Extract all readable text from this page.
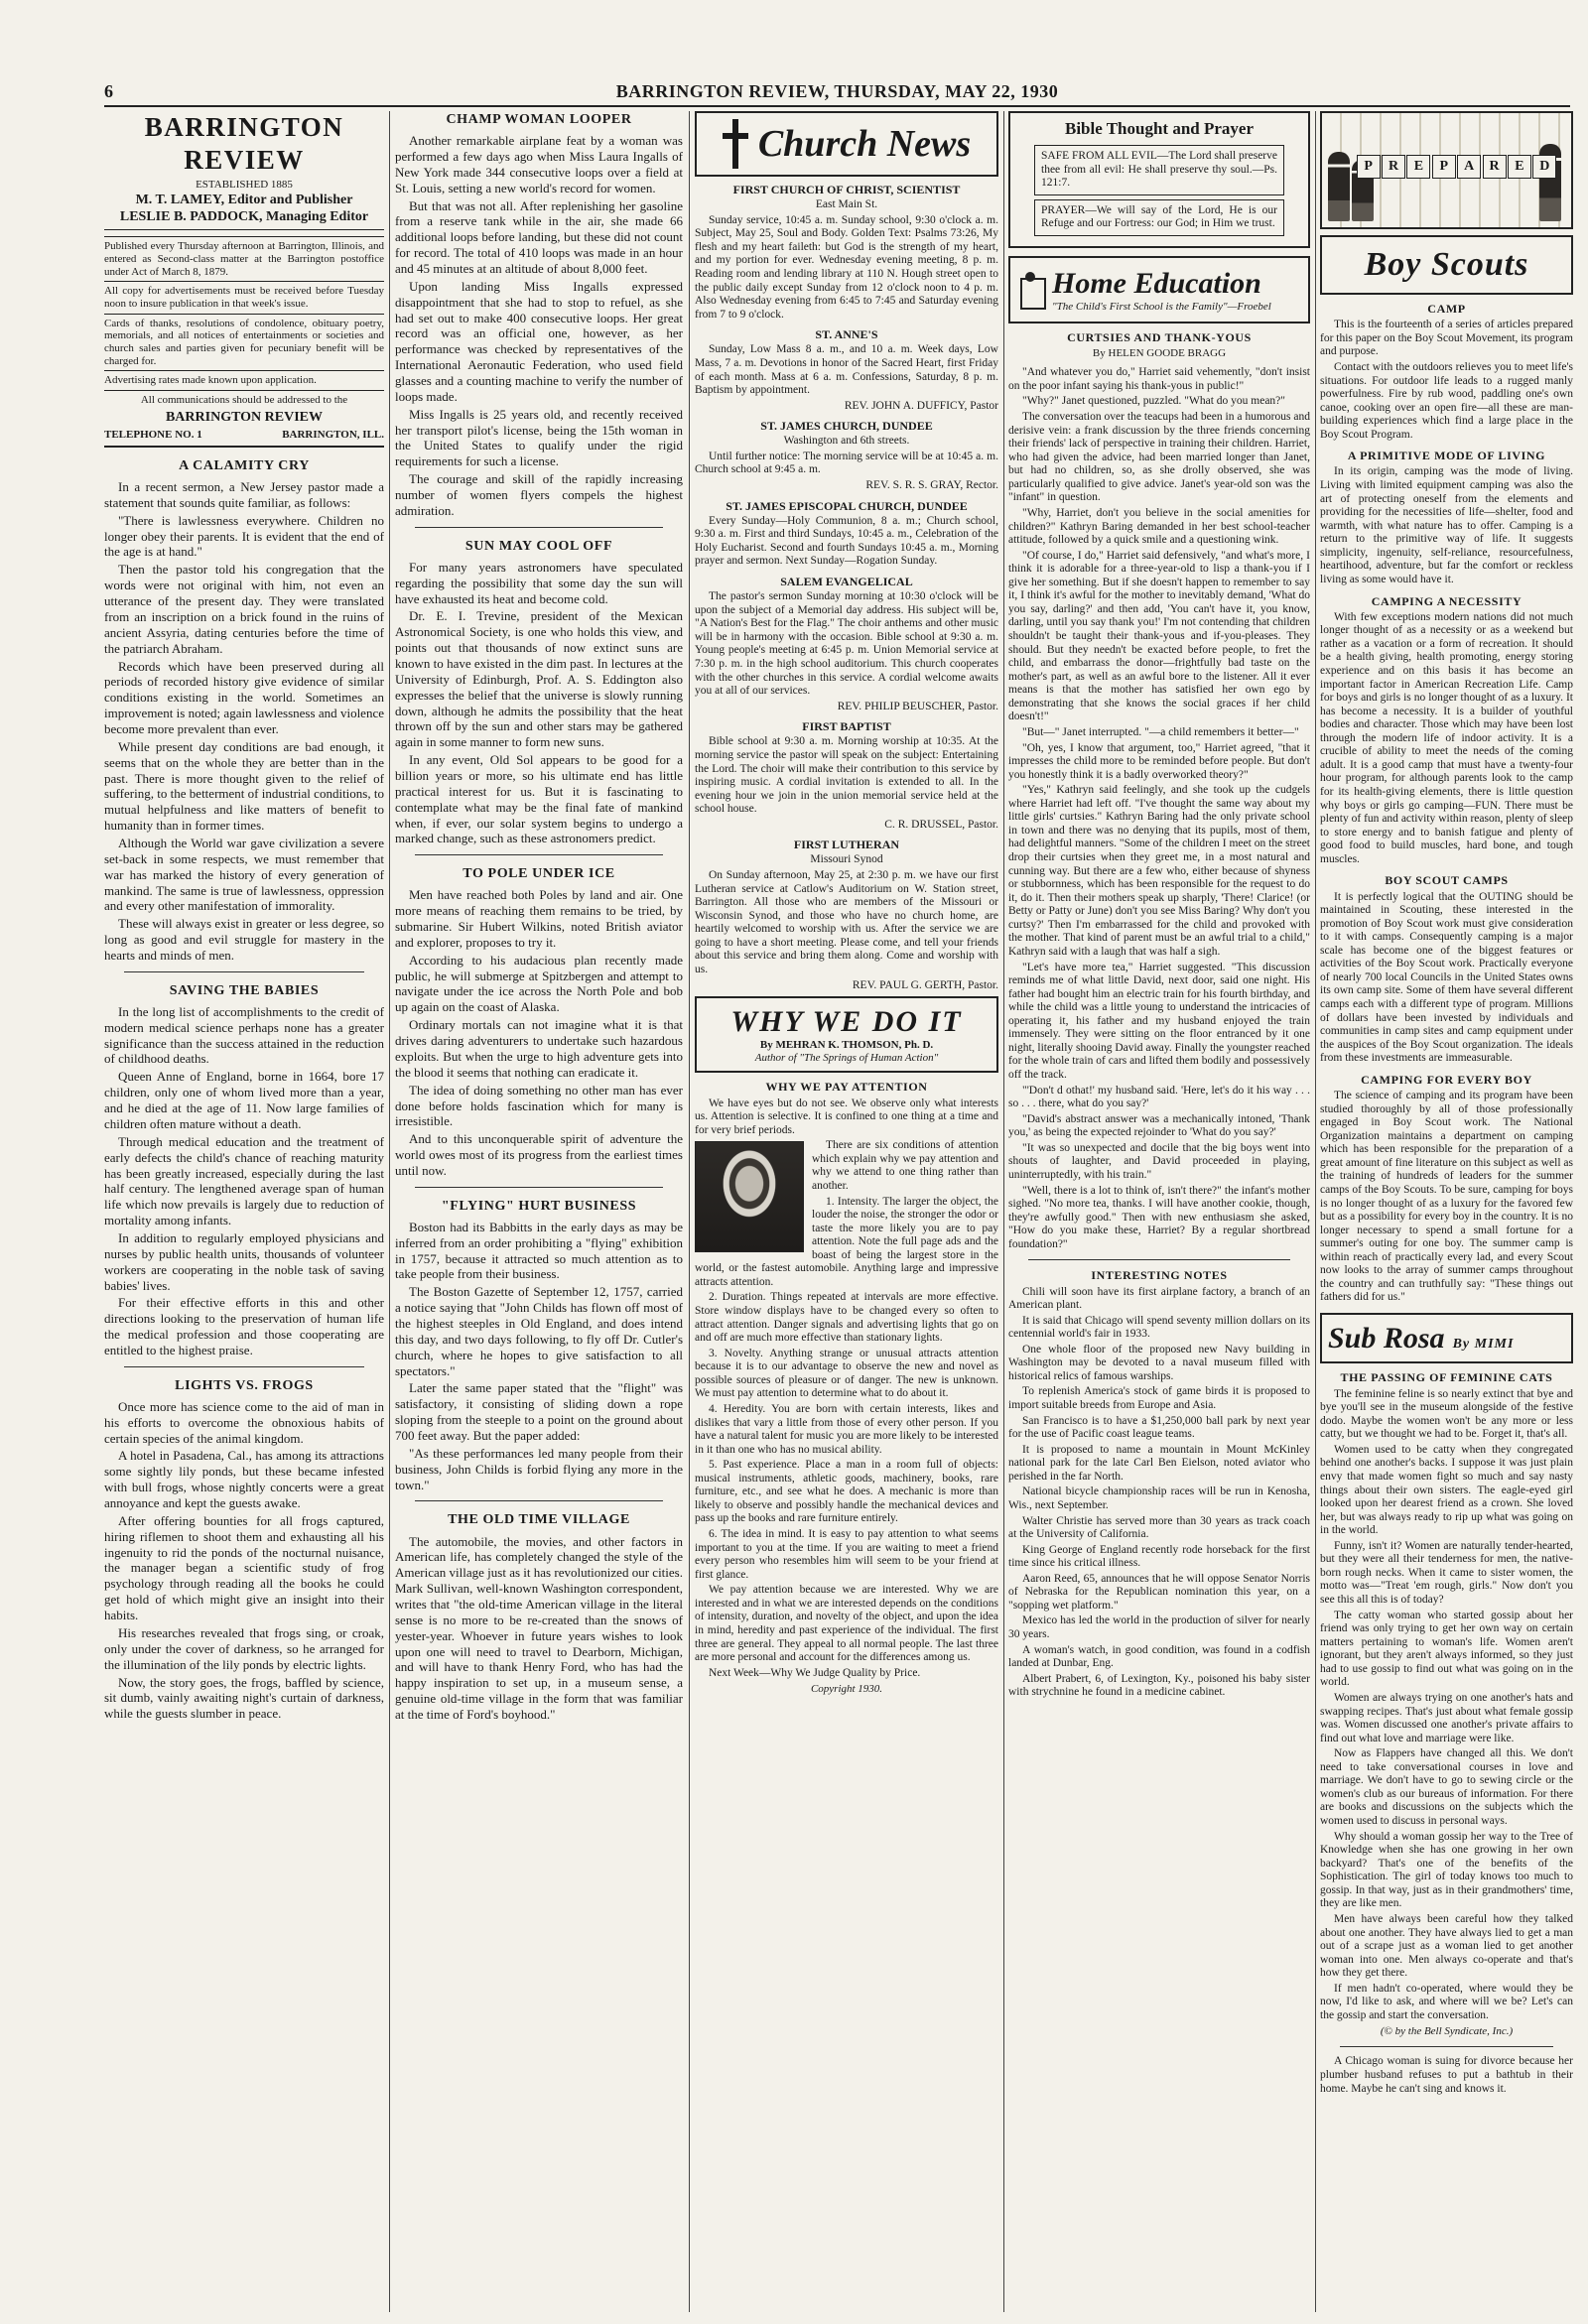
6	BARRINGTON REVIEW, THURSDAY, MAY 22, 1930
BARRINGTON REVIEW
ESTABLISHED 1885
M. T. LAMEY, Editor and Publisher
LESLIE B. PADDOCK, Managing Editor
Published every Thursday afternoon at Barrington, Illinois, and entered as Second-class matter at the Barrington postoffice under Act of March 8, 1879.
All copy for advertisements must be received before Tuesday noon to insure publication in that week's issue.
Cards of thanks, resolutions of condolence, obituary poetry, memorials, and all notices of entertainments or societies and church sales and parties given for pecuniary benefit will be charged for.
Advertising rates made known upon application.
All communications should be addressed to the
BARRINGTON REVIEW
TELEPHONE NO. 1	BARRINGTON, ILL.
A CALAMITY CRY

In a recent sermon, a New Jersey pastor made a statement that sounds quite familiar, as follows:

"There is lawlessness everywhere. Children no longer obey their parents. It is evident that the end of the age is at hand."

Then the pastor told his congregation that the words were not original with him, not even an utterance of the present day. They were translated from an inscription on a brick found in the ruins of ancient Assyria, dating centuries before the time of the patriarch Abraham.

Records which have been preserved during all periods of recorded history give evidence of similar conditions existing in the world. Sometimes an improvement is noted; again lawlessness and violence become more prevalent than ever.

While present day conditions are bad enough, it seems that on the whole they are better than in the past. There is more thought given to the relief of suffering, to the betterment of industrial conditions, to mutual helpfulness and like matters of benefit to humanity than in former times.

Although the World war gave civilization a severe set-back in some respects, we must remember that war has marked the history of every generation of mankind. The same is true of lawlessness, oppression and every other manifestation of immorality.

These will always exist in greater or less degree, so long as good and evil struggle for mastery in the hearts and minds of men.

SAVING THE BABIES

In the long list of accomplishments to the credit of modern medical science perhaps none has a greater significance than the success attained in the reduction of childhood deaths.

Queen Anne of England, borne in 1664, bore 17 children, only one of whom lived more than a year, and he died at the age of 11. Now large families of children often mature without a death.

Through medical education and the treatment of early defects the child's chance of reaching maturity has been greatly increased, especially during the last half century. The lengthened average span of human life which now prevails is largely due to reduction of mortality among infants.

In addition to regularly employed physicians and nurses by public health units, thousands of volunteer workers are cooperating in the noble task of saving babies' lives.

For their effective efforts in this and other directions looking to the preservation of human life the medical profession and those cooperating are entitled to the highest praise.

LIGHTS VS. FROGS

Once more has science come to the aid of man in his efforts to overcome the obnoxious habits of certain species of the animal kingdom.

A hotel in Pasadena, Cal., has among its attractions some sightly lily ponds, but these became infested with bull frogs, whose nightly concerts were a great annoyance and kept the guests awake.

After offering bounties for all frogs captured, hiring riflemen to shoot them and exhausting all his ingenuity to rid the ponds of the nocturnal nuisance, the manager began a scientific study of frog psychology through reading all the books he could get hold of which might give an insight into their habits.

His researches revealed that frogs sing, or croak, only under the cover of darkness, so he arranged for the illumination of the lily ponds by electric lights.

Now, the story goes, the frogs, baffled by science, sit dumb, vainly awaiting night's curtain of darkness, while the guests slumber in peace.

CHAMP WOMAN LOOPER

Another remarkable airplane feat by a woman was performed a few days ago when Miss Laura Ingalls of New York made 344 consecutive loops over a field at St. Louis, setting a new world's record for women.

But that was not all. After replenishing her gasoline from a reserve tank while in the air, she made 66 additional loops before landing, but these did not count for record. The total of 410 loops was made in an hour and 45 minutes at an altitude of about 8,000 feet.

Upon landing Miss Ingalls expressed disappointment that she had to stop to refuel, as she had set out to make 400 consecutive loops. Her great record was an official one, however, as her performance was checked by representatives of the International Aeronautic Federation, who used field glasses and a counting machine to verify the number of loops made.

Miss Ingalls is 25 years old, and recently received her transport pilot's license, being the 15th woman in the United States to qualify under the rigid requirements for such a license.

The courage and skill of the rapidly increasing number of women flyers compels the highest admiration.

SUN MAY COOL OFF

For many years astronomers have speculated regarding the possibility that some day the sun will have exhausted its heat and become cold.

Dr. E. I. Trevine, president of the Mexican Astronomical Society, is one who holds this view, and points out that thousands of now extinct suns are known to have existed in the dim past. In lectures at the University of Edinburgh, Prof. A. S. Eddington also expresses the belief that the universe is slowly running down, although he admits the possibility that the heat thrown off by the sun and other stars may be gathered again in some manner to form new suns.

In any event, Old Sol appears to be good for a billion years or more, so his ultimate end has little practical interest for us. But it is fascinating to contemplate what may be the final fate of mankind when, if ever, our solar system begins to undergo a marked change, such as these astronomers predict.

TO POLE UNDER ICE

Men have reached both Poles by land and air. One more means of reaching them remains to be tried, by submarine. Sir Hubert Wilkins, noted British aviator and explorer, proposes to try it.

According to his audacious plan recently made public, he will submerge at Spitzbergen and attempt to navigate under the ice across the North Pole and bob up again on the coast of Alaska.

Ordinary mortals can not imagine what it is that drives daring adventurers to undertake such hazardous exploits. But when the urge to high adventure gets into the blood it seems that nothing can eradicate it.

The idea of doing something no other man has ever done before holds fascination which for many is irresistible.

And to this unconquerable spirit of adventure the world owes most of its progress from the earliest times until now.

"FLYING" HURT BUSINESS

Boston had its Babbitts in the early days as may be inferred from an order prohibiting a "flying" exhibition in 1757, because it attracted so much attention as to take people from their business.

The Boston Gazette of September 12, 1757, carried a notice saying that "John Childs has flown off most of the highest steeples in Old England, and does intend this day, and two days following, to fly off Dr. Cutler's church, where he hopes to give satisfaction to all spectators."

Later the same paper stated that the "flight" was satisfactory, it consisting of sliding down a rope sloping from the steeple to a point on the ground about 700 feet away. But the paper added:

"As these performances led many people from their business, John Childs is forbid flying any more in the town."

THE OLD TIME VILLAGE

The automobile, the movies, and other factors in American life, has completely changed the style of the American village just as it has revolutionized our cities. Mark Sullivan, well-known Washington correspondent, writes that "the old-time American village in the literal sense is no more to be re-created than the snows of yester-year. Whoever in future years wishes to look upon one will need to travel to Dearborn, Michigan, and will have to thank Henry Ford, who has had the happy inspiration to set up, in a museum sense, a genuine old-time village in the form that was familiar at the time of Ford's boyhood."

Church News
FIRST CHURCH OF CHRIST, SCIENTIST
East Main St.

Sunday service, 10:45 a. m. Sunday school, 9:30 o'clock a. m. Subject, May 25, Soul and Body. Golden Text: Psalms 73:26, My flesh and my heart faileth: but God is the strength of my heart, and my portion for ever. Wednesday evening meeting, 8 p. m. Reading room and lending library at 110 N. Hough street open to the public daily except Sunday from 12 o'clock noon to 4 p. m. Also Wednesday evening from 6:45 to 7:45 and Saturday evening from 7 to 9 o'clock.

ST. ANNE'S

Sunday, Low Mass 8 a. m., and 10 a. m. Week days, Low Mass, 7 a. m. Devotions in honor of the Sacred Heart, first Friday of each month. Mass at 6 a. m. Confessions, Saturday, 8 p. m. Baptism by appointment.

REV. JOHN A. DUFFICY, Pastor
ST. JAMES CHURCH, DUNDEE
Washington and 6th streets.

Until further notice: The morning service will be at 10:45 a. m. Church school at 9:45 a. m.

REV. S. R. S. GRAY, Rector.
ST. JAMES EPISCOPAL CHURCH, DUNDEE

Every Sunday—Holy Communion, 8 a. m.; Church school, 9:30 a. m. First and third Sundays, 10:45 a. m., Celebration of the Holy Eucharist. Second and fourth Sundays 10:45 a. m., Morning prayer and sermon. Next Sunday—Rogation Sunday.

SALEM EVANGELICAL

The pastor's sermon Sunday morning at 10:30 o'clock will be upon the subject of a Memorial day address. His subject will be, "A Nation's Best for the Flag." The choir anthems and other music will be in harmony with the occasion. Bible school at 9:30 a. m. Young people's meeting at 6:45 p. m. Union Memorial service at 7:30 p. m. in the high school auditorium. This church cooperates with the other churches in this service. A cordial welcome awaits you at all of our services.

REV. PHILIP BEUSCHER, Pastor.
FIRST BAPTIST

Bible school at 9:30 a. m. Morning worship at 10:35. At the morning service the pastor will speak on the subject: Entertaining the Lord. The choir will make their contribution to this service by inspiring music. A cordial invitation is extended to all. In the evening hour we join in the union memorial service held at the school house.

C. R. DRUSSEL, Pastor.
FIRST LUTHERAN
Missouri Synod

On Sunday afternoon, May 25, at 2:30 p. m. we have our first Lutheran service at Catlow's Auditorium on W. Station street, Barrington. All those who are members of the Missouri or Wisconsin Synod, and those who have no church home, are heartily welcomed to worship with us. After the service we are going to have a short meeting. Please come, and tell your friends about this service and bring them along. Come and worship with us.

REV. PAUL G. GERTH, Pastor.
WHY WE DO IT
By MEHRAN K. THOMSON, Ph. D.
Author of "The Springs of Human Action"
WHY WE PAY ATTENTION

We have eyes but do not see. We observe only what interests us. Attention is selective. It is confined to one thing at a time and for very brief periods.

There are six conditions of attention which explain why we pay attention and why we attend to one thing rather than another.

1. Intensity. The larger the object, the louder the noise, the stronger the odor or taste the more likely you are to pay attention. Note the full page ads and the boast of being the largest store in the world, or the fastest automobile. Anything large and impressive attracts attention.

2. Duration. Things repeated at intervals are more effective. Store window displays have to be changed every so often to attract attention. Danger signals and advertising lights that go on and off are much more effective than stationary lights.

3. Novelty. Anything strange or unusual attracts attention because it is to our advantage to observe the new and novel as possible sources of pleasure or of danger. The new is unknown. We must pay attention to determine what to do about it.

4. Heredity. You are born with certain interests, likes and dislikes that vary a little from those of every other person. If you have a natural talent for music you are more likely to be interested in it than one who has no musical ability.

5. Past experience. Place a man in a room full of objects: musical instruments, athletic goods, machinery, books, rare furniture, etc., and see what he does. A mechanic is more than likely to observe and possibly handle the mechanical devices and pass up the books and rare furniture entirely.

6. The idea in mind. It is easy to pay attention to what seems important to you at the time. If you are waiting to meet a friend every person who resembles him will seem to be your friend at first glance.

We pay attention because we are interested. Why we are interested and in what we are interested depends on the conditions of intensity, duration, and novelty of the object, and upon the idea in mind, heredity and past experience of the individual. The first three are general. They appeal to all normal people. The last three are more personal and account for the differences among us.

Next Week—Why We Judge Quality by Price.

Copyright 1930.
Bible Thought and Prayer
SAFE FROM ALL EVIL—The Lord shall preserve thee from all evil: He shall preserve thy soul.—Ps. 121:7.
PRAYER—We will say of the Lord, He is our Refuge and our Fortress: our God; in Him we trust.
Home Education
"The Child's First School is the Family"—Froebel
CURTSIES AND THANK-YOUS
By HELEN GOODE BRAGG

"And whatever you do," Harriet said vehemently, "don't insist on the poor infant saying his thank-yous in public!"

"Why?" Janet questioned, puzzled. "What do you mean?"

The conversation over the teacups had been in a humorous and derisive vein: a frank discussion by the three friends concerning their friends' lack of perspective in training their children. Harriet, who had given the advice, had been married longer than Janet, but had no children, so, as she drolly observed, she was particularly qualified to give advice. Janet's year-old son was the "infant" in question.

"Why, Harriet, don't you believe in the social amenities for children?" Kathryn Baring demanded in her best school-teacher attitude, followed by a quick smile and a questioning wink.

"Of course, I do," Harriet said defensively, "and what's more, I think it is adorable for a three-year-old to lisp a thank-you if I give her something. But if she doesn't happen to remember to say it, I think it's awful for the mother to inevitably demand, 'What do you say, darling?' and then add, 'You can't have it, you know, darling, until you say thank you!' I'm not contending that children shouldn't be taught their thank-yous and if-you-pleases. They should. But they needn't be exacted before people, to fret the child, and embarrass the donor—frightfully bad taste on the mother's part, as well as an awful bore to the listener. All it ever means is that the mother has satisfied her own ego by demonstrating that she knows the social graces if her child doesn't!"

"But—" Janet interrupted. "—a child remembers it better—"

"Oh, yes, I know that argument, too," Harriet agreed, "that it impresses the child more to be reminded before people. But don't you honestly think it is a badly overworked theory?"

"Yes," Kathryn said feelingly, and she took up the cudgels where Harriet had left off. "I've thought the same way about my little girls' curtsies." Kathryn Baring had the only private school in town and there was no denying that its pupils, most of them, had delightful manners. "Some of the children I meet on the street drop their curtsies when they greet me, in a most natural and cunning way. But there are a few who, either because of shyness or stubbornness, which has been responsible for the request to do it, do it. Then their mothers speak up sharply, 'There! Clarice! (or Betty or Patty or June) don't you see Miss Baring? Why don't you curtsy?' Then I'm embarrassed for the child and provoked with the mother. That kind of parent must be an awful trial to a child," Kathryn said with a laugh that was half a sigh.

"Let's have more tea," Harriet suggested. "This discussion reminds me of what little David, next door, said one night. His father had bought him an electric train for his fourth birthday, and while the child was a little young to understand the intricacies of operating it, his father and my husband enjoyed the train immensely. They were sitting on the floor entranced by it one night, literally shooing David away. Finally the youngster reached for the whole train of cars and lifted them bodily and possessively off the track.

"'Don't d othat!' my husband said. 'Here, let's do it his way . . . so . . . there, what do you say?'

"David's abstract answer was a mechanically intoned, 'Thank you,' as being the expected rejoinder to 'What do you say?'

"It was so unexpected and docile that the big boys went into shouts of laughter, and David proceeded in playing, uninterruptedly, with his train."

"Well, there is a lot to think of, isn't there?" the infant's mother sighed. "No more tea, thanks. I will have another cookie, though, they're awfully good." Then with new enthusiasm she asked, "How do you make these, Harriet? By a regular shortbread foundation?"

INTERESTING NOTES

Chili will soon have its first airplane factory, a branch of an American plant.

It is said that Chicago will spend seventy million dollars on its centennial world's fair in 1933.

One whole floor of the proposed new Navy building in Washington may be devoted to a naval museum filled with historical relics of famous warships.

To replenish America's stock of game birds it is proposed to import suitable breeds from Europe and Asia.

San Francisco is to have a $1,250,000 ball park by next year for the use of Pacific coast league teams.

It is proposed to name a mountain in Mount McKinley national park for the late Carl Ben Eielson, noted aviator who perished in the far North.

National bicycle championship races will be run in Kenosha, Wis., next September.

Walter Christie has served more than 30 years as track coach at the University of California.

King George of England recently rode horseback for the first time since his critical illness.

Aaron Reed, 65, announces that he will oppose Senator Norris of Nebraska for the Republican nomination this year, on a "sopping wet platform."

Mexico has led the world in the production of silver for nearly 30 years.

A woman's watch, in good condition, was found in a codfish landed at Dunbar, Eng.

Albert Prabert, 6, of Lexington, Ky., poisoned his baby sister with strychnine he found in a medicine cabinet.

P	R	E	P	A	R	E	D
Boy Scouts
CAMP

This is the fourteenth of a series of articles prepared for this paper on the Boy Scout Movement, its program and purpose.

Contact with the outdoors relieves you to meet life's situations. For outdoor life leads to a rugged manly powerfulness. Fire by rub wood, paddling one's own canoe, cooking over an open fire—all these are man-building experiences which find a large place in the Boy Scout Program.

A PRIMITIVE MODE OF LIVING

In its origin, camping was the mode of living. Living with limited equipment camping was also the art of protecting oneself from the elements and providing for the necessities of life—shelter, food and warmth, with what nature has to offer. Camping is a return to the primitive way of life. It suggests simplicity, ingenuity, self-reliance, resourcefulness, heartihood, adventure, but far the comfort or reckless living as some would have it.

CAMPING A NECESSITY

With few exceptions modern nations did not much longer thought of as a necessity or as a weekend but rather as a vacation or a form of recreation. It should be a health giving, health promoting, energy storing experience and on this basis it has become an important factor in American Recreation Life. Camp for boys and girls is no longer thought of as a luxury. It has become a necessity. It is a builder of youthful bodies and character. Those which may have been lost through the modern life of indoor activity. It is a crucible of ability to meet the needs of the coming adult. It is a good camp that must have a twenty-four hour program, for although parents look to the camp for its health-giving elements, there is little question why boys or girls go camping—FUN. There must be plenty of fun and activity within reason, plenty of sleep to store energy and to banish fatigue and plenty of good food to build muscles, hard bone, and tough muscles.

BOY SCOUT CAMPS

It is perfectly logical that the OUTING should be maintained in Scouting, these interested in the promotion of Boy Scout work must give consideration to it with camps. Consequently camping is a major scale has become one of the biggest features or activities of the Boy Scout work. Practically everyone of nearly 700 local Councils in the United States owns its own camp site. Some of them have several different camps each with a different type of program. Millions of dollars have been invested by individuals and communities in camp sites and camp equipment under the auspices of the Boy Scout organization. The ideals from these investments are immeasurable.

CAMPING FOR EVERY BOY

The science of camping and its program have been studied thoroughly by all of those professionally engaged in Boy Scout work. The National Organization maintains a department on camping which has been responsible for the preparation of a great amount of fine literature on this subject as well as the training of hundreds of leaders for the summer camps of the Boy Scouts. To be sure, camping for boys is no longer thought of as a luxury for the favored few but as a possibility for every boy in the country. It is no longer necessary to spend a small fortune for a summer's outing for one boy. The summer camp is within reach of practically every lad, and every Scout now looks to the array of summer camps throughout the country and can truthfully say: "These things out fathers did for us."

Sub Rosa By MIMI
THE PASSING OF FEMININE CATS

The feminine feline is so nearly extinct that bye and bye you'll see in the museum alongside of the festive dodo. Maybe the women won't be any more or less catty, but we thought we had to be. Forget it, that's all.

Women used to be catty when they congregated behind one another's backs. I suppose it was just plain envy that made women fight so much and say nasty things about their own sisters. The eagle-eyed girl looked upon her dearest friend as a crown. She loved her, but was always ready to rip up what was going on in the world.

Funny, isn't it? Women are naturally tender-hearted, but they were all their tenderness for men, the native-born rough necks. When it came to sister women, the motto was—"Treat 'em rough, girls." Now don't you see this all this is of today?

The catty woman who started gossip about her friend was only trying to get her own way on certain matters pertaining to woman's life. Women aren't ignorant, but they aren't always informed, so they just had to use gossip to find out what was going on in the world.

Women are always trying on one another's hats and swapping recipes. That's just about what female gossip was. Women discussed one another's private affairs to find out what love and marriage were like.

Now as Flappers have changed all this. We don't need to take conversational courses in love and marriage. We don't have to go to sewing circle or the women's club as our bureaus of information. For there are books and discussions on the subjects which the women used to discuss in personal ways.

Why should a woman gossip her way to the Tree of Knowledge when she has one growing in her own backyard? That's one of the benefits of the Sophistication. The girl of today knows too much to gossip. In that way, just as in their grandmothers' time, they are like men.

Men have always been careful how they talked about one another. They have always lied to get a man out of a scrape just as a woman lied to get another woman into one. Men always co-operate and that's how they get there.

If men hadn't co-operated, where would they be now, I'd like to ask, and where will we be? Let's can the gossip and start the conversation.

(© by the Bell Syndicate, Inc.)

A Chicago woman is suing for divorce because her plumber husband refuses to put a bathtub in their home. Maybe he can't sing and knows it.
